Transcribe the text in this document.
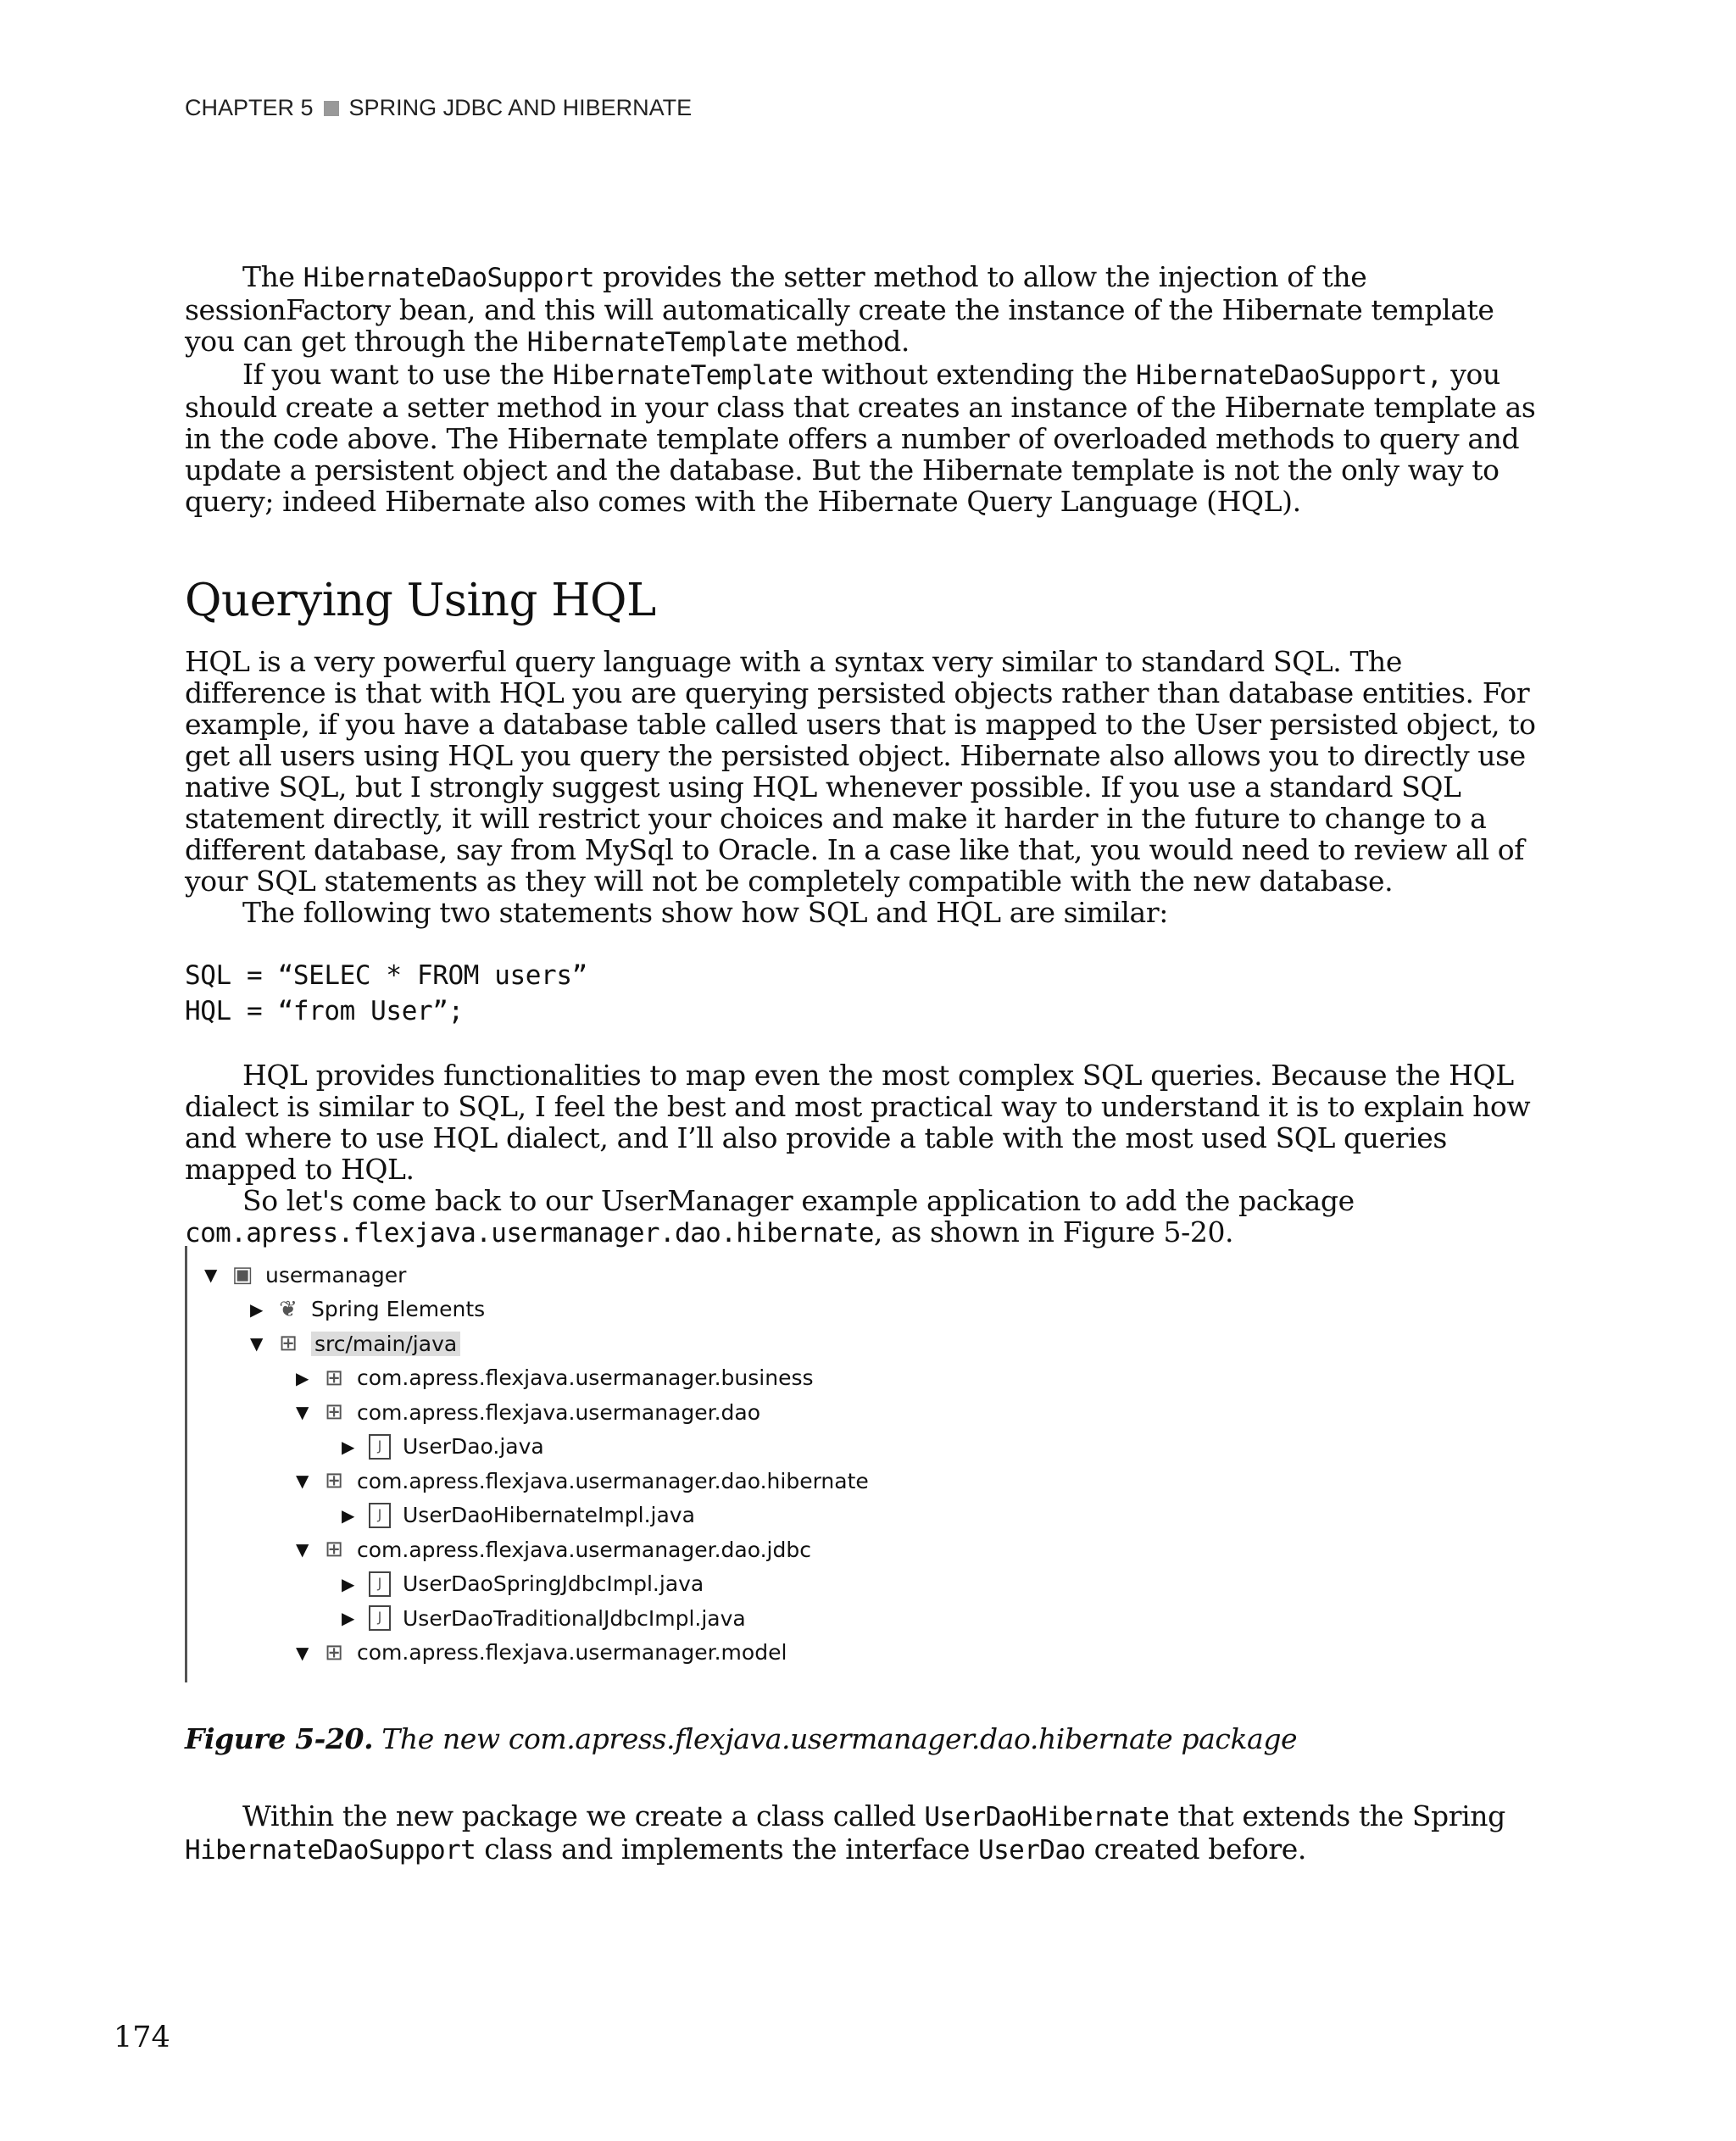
CHAPTER 5 SPRING JDBC AND HIBERNATE

The HibernateDaoSupport provides the setter method to allow the injection of the sessionFactory bean, and this will automatically create the instance of the Hibernate template you can get through the HibernateTemplate method.

If you want to use the HibernateTemplate without extending the HibernateDaoSupport, you should create a setter method in your class that creates an instance of the Hibernate template as in the code above. The Hibernate template offers a number of overloaded methods to query and update a persistent object and the database. But the Hibernate template is not the only way to query; indeed Hibernate also comes with the Hibernate Query Language (HQL).

Querying Using HQL

HQL is a very powerful query language with a syntax very similar to standard SQL. The difference is that with HQL you are querying persisted objects rather than database entities. For example, if you have a database table called users that is mapped to the User persisted object, to get all users using HQL you query the persisted object. Hibernate also allows you to directly use native SQL, but I strongly suggest using HQL whenever possible. If you use a standard SQL statement directly, it will restrict your choices and make it harder in the future to change to a different database, say from MySql to Oracle. In a case like that, you would need to review all of your SQL statements as they will not be completely compatible with the new database.

The following two statements show how SQL and HQL are similar:

SQL = “SELEC * FROM users”
HQL = “from User”;

HQL provides functionalities to map even the most complex SQL queries. Because the HQL dialect is similar to SQL, I feel the best and most practical way to understand it is to explain how and where to use HQL dialect, and I’ll also provide a table with the most used SQL queries mapped to HQL.

So let's come back to our UserManager example application to add the package com.apress.flexjava.usermanager.dao.hibernate, as shown in Figure 5-20.

▼ ▣ usermanager
▶ ❦ Spring Elements
▼ ⊞ src/main/java
▶ ⊞ com.apress.flexjava.usermanager.business
▼ ⊞ com.apress.flexjava.usermanager.dao
▶	J UserDao.java
▼ ⊞ com.apress.flexjava.usermanager.dao.hibernate
▶	J UserDaoHibernateImpl.java
▼ ⊞ com.apress.flexjava.usermanager.dao.jdbc
▶	J UserDaoSpringJdbcImpl.java
▶	J UserDaoTraditionalJdbcImpl.java
▼ ⊞ com.apress.flexjava.usermanager.model
Figure 5-20. The new com.apress.flexjava.usermanager.dao.hibernate package

Within the new package we create a class called UserDaoHibernate that extends the Spring HibernateDaoSupport class and implements the interface UserDao created before.

174
